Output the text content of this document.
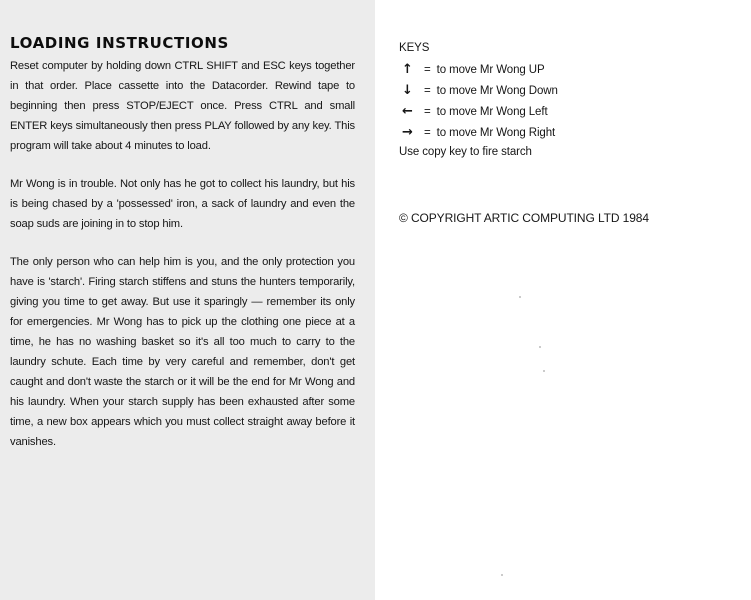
LOADING INSTRUCTIONS

Reset computer by holding down CTRL SHIFT and ESC keys together in that order. Place cassette into the Datacorder. Rewind tape to beginning then press STOP/EJECT once. Press CTRL and small ENTER keys simultaneously then press PLAY followed by any key. This program will take about 4 minutes to load.

Mr Wong is in trouble. Not only has he got to collect his laundry, but his is being chased by a 'possessed' iron, a sack of laundry and even the soap suds are joining in to stop him.

The only person who can help him is you, and the only protection you have is 'starch'. Firing starch stiffens and stuns the hunters temporarily, giving you time to get away. But use it sparingly — remember its only for emergencies. Mr Wong has to pick up the clothing one piece at a time, he has no washing basket so it's all too much to carry to the laundry schute. Each time by very careful and remember, don't get caught and don't waste the starch or it will be the end for Mr Wong and his laundry. When your starch supply has been exhausted after some time, a new box appears which you must collect straight away before it vanishes.

KEYS
↑ = to move Mr Wong UP
↓ = to move Mr Wong Down
← = to move Mr Wong Left
→ = to move Mr Wong Right
Use copy key to fire starch
© COPYRIGHT ARTIC COMPUTING LTD 1984
